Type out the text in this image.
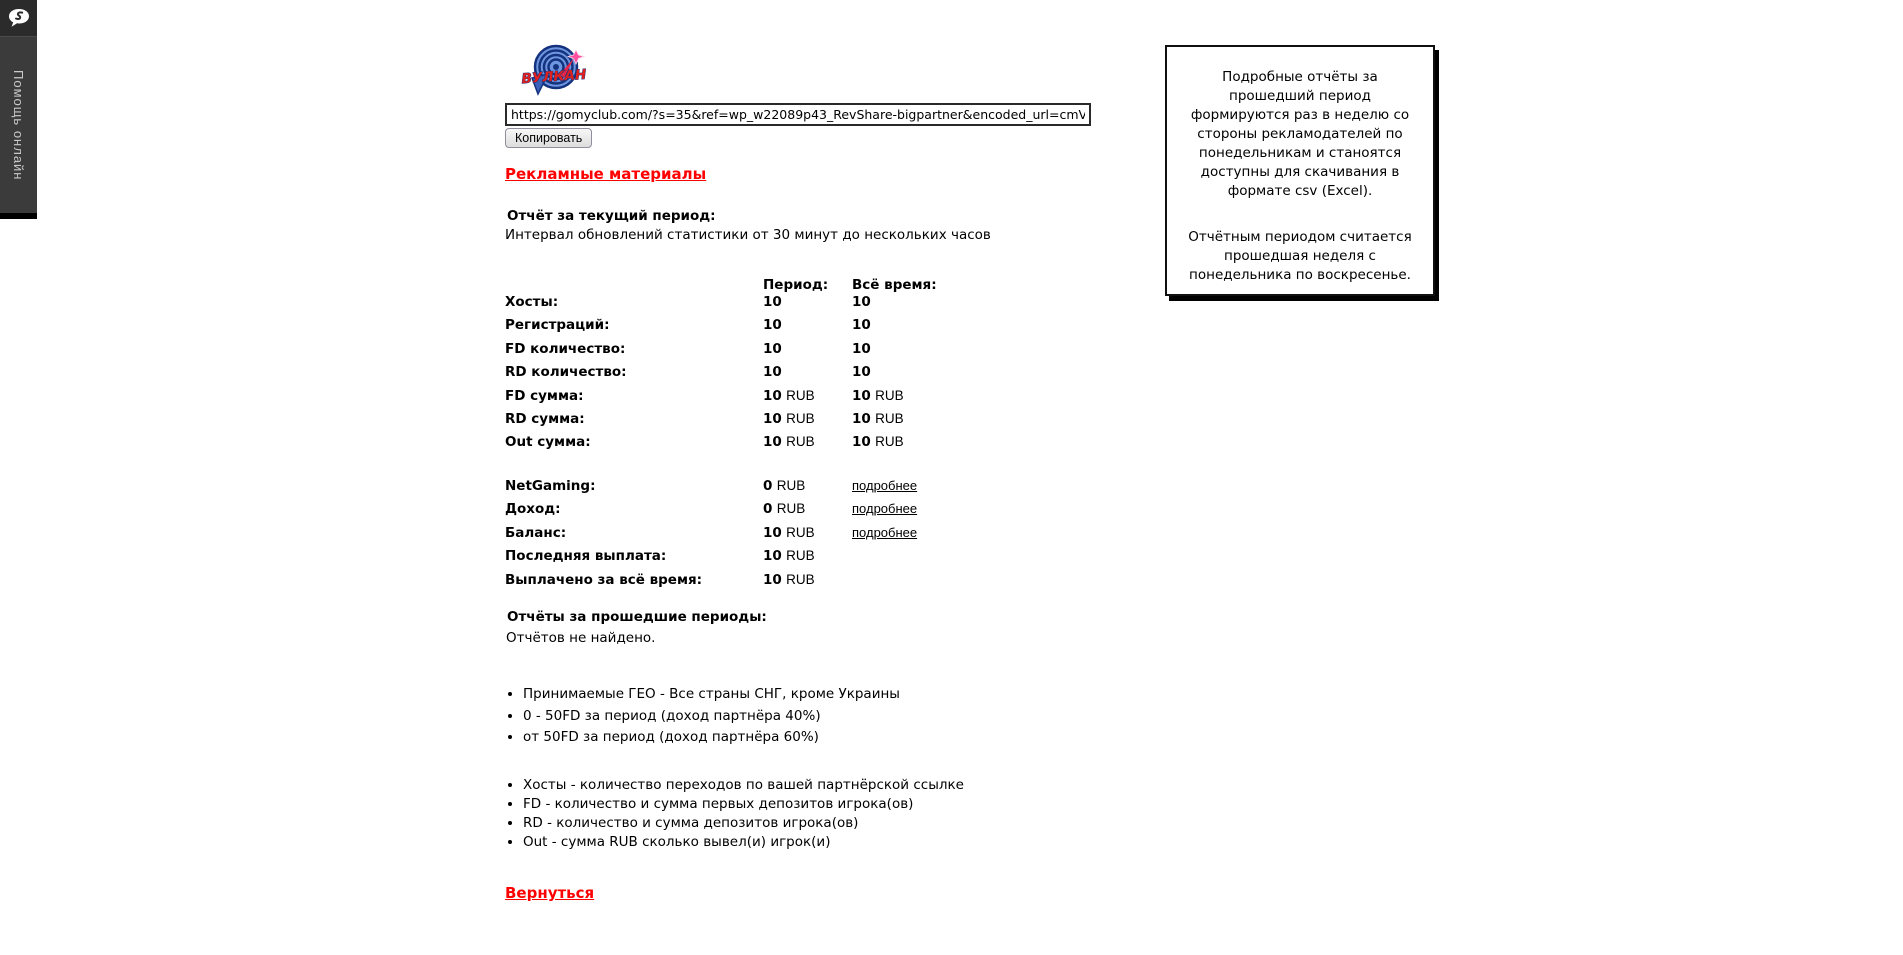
Помощь онлайн	ВУЛКАН
https://gomyclub.com/?s=35&ref=wp_w22089p43_RevShare-bigpartner&encoded_url=cmVnaXN0
Копировать
Рекламные материалы
Отчёт за текущий период:
Интервал обновлений статистики от 30 минут до нескольких часов
Период:	Всё время:
Хосты:	10	10
Регистраций:	10	10
FD количество:	10	10
RD количество:	10	10
FD сумма:	10 RUB	10 RUB
RD сумма:	10 RUB	10 RUB
Out сумма:	10 RUB	10 RUB
NetGaming:	0 RUB	подробнее
Доход:	0 RUB	подробнее
Баланс:	10 RUB	подробнее
Последняя выплата:	10 RUB
Выплачено за всё время:	10 RUB
Отчёты за прошедшие периоды:
Отчётов не найдено.
• Принимаемые ГЕО - Все страны СНГ, кроме Украины
• 0 - 50FD за период (доход партнёра 40%)
• от 50FD за период (доход партнёра 60%)
• Хосты - количество переходов по вашей партнёрской ссылке
• FD - количество и сумма первых депозитов игрока(ов)
• RD - количество и сумма депозитов игрока(ов)
• Out - сумма RUB сколько вывел(и) игрок(и)
Вернуться

Подробные отчёты за прошедший период формируются раз в неделю со стороны рекламодателей по понедельникам и станоятся доступны для скачивания в формате csv (Excel).

Отчётным периодом считается прошедшая неделя с понедельника по воскресенье.
